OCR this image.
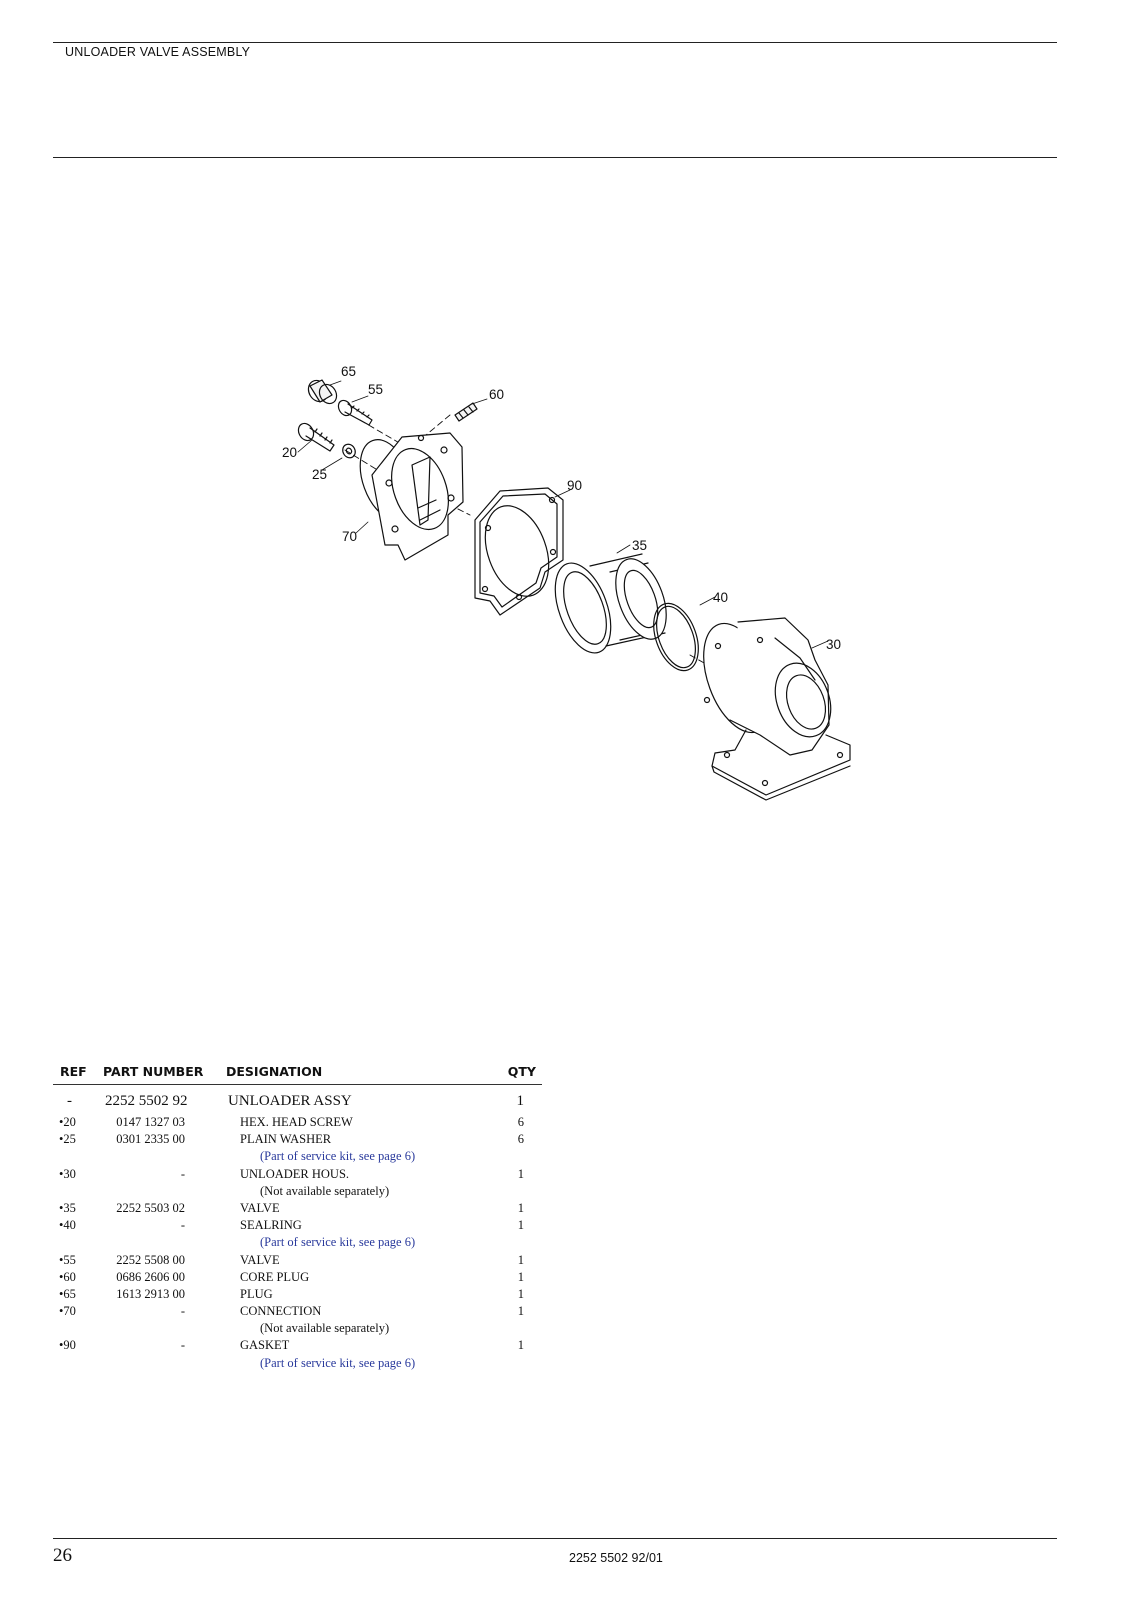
UNLOADER VALVE ASSEMBLY
65
55	60
20
25
70
90
35
40
30
REF PART NUMBER DESIGNATION	QTY
-	2252 5502 92	UNLOADER ASSY	1
•20	0147 1327 03	HEX. HEAD SCREW	6
•25	0301 2335 00	PLAIN WASHER	6
(Part of service kit, see page 6)
•30	-	UNLOADER HOUS.	1
(Not available separately)
•35	2252 5503 02	VALVE	1
•40	-	SEALRING	1
(Part of service kit, see page 6)
•55	2252 5508 00	VALVE	1
•60	0686 2606 00	CORE PLUG	1
•65	1613 2913 00	PLUG	1
•70	-	CONNECTION	1
(Not available separately)
•90	-	GASKET	1
(Part of service kit, see page 6)
26	2252 5502 92/01
